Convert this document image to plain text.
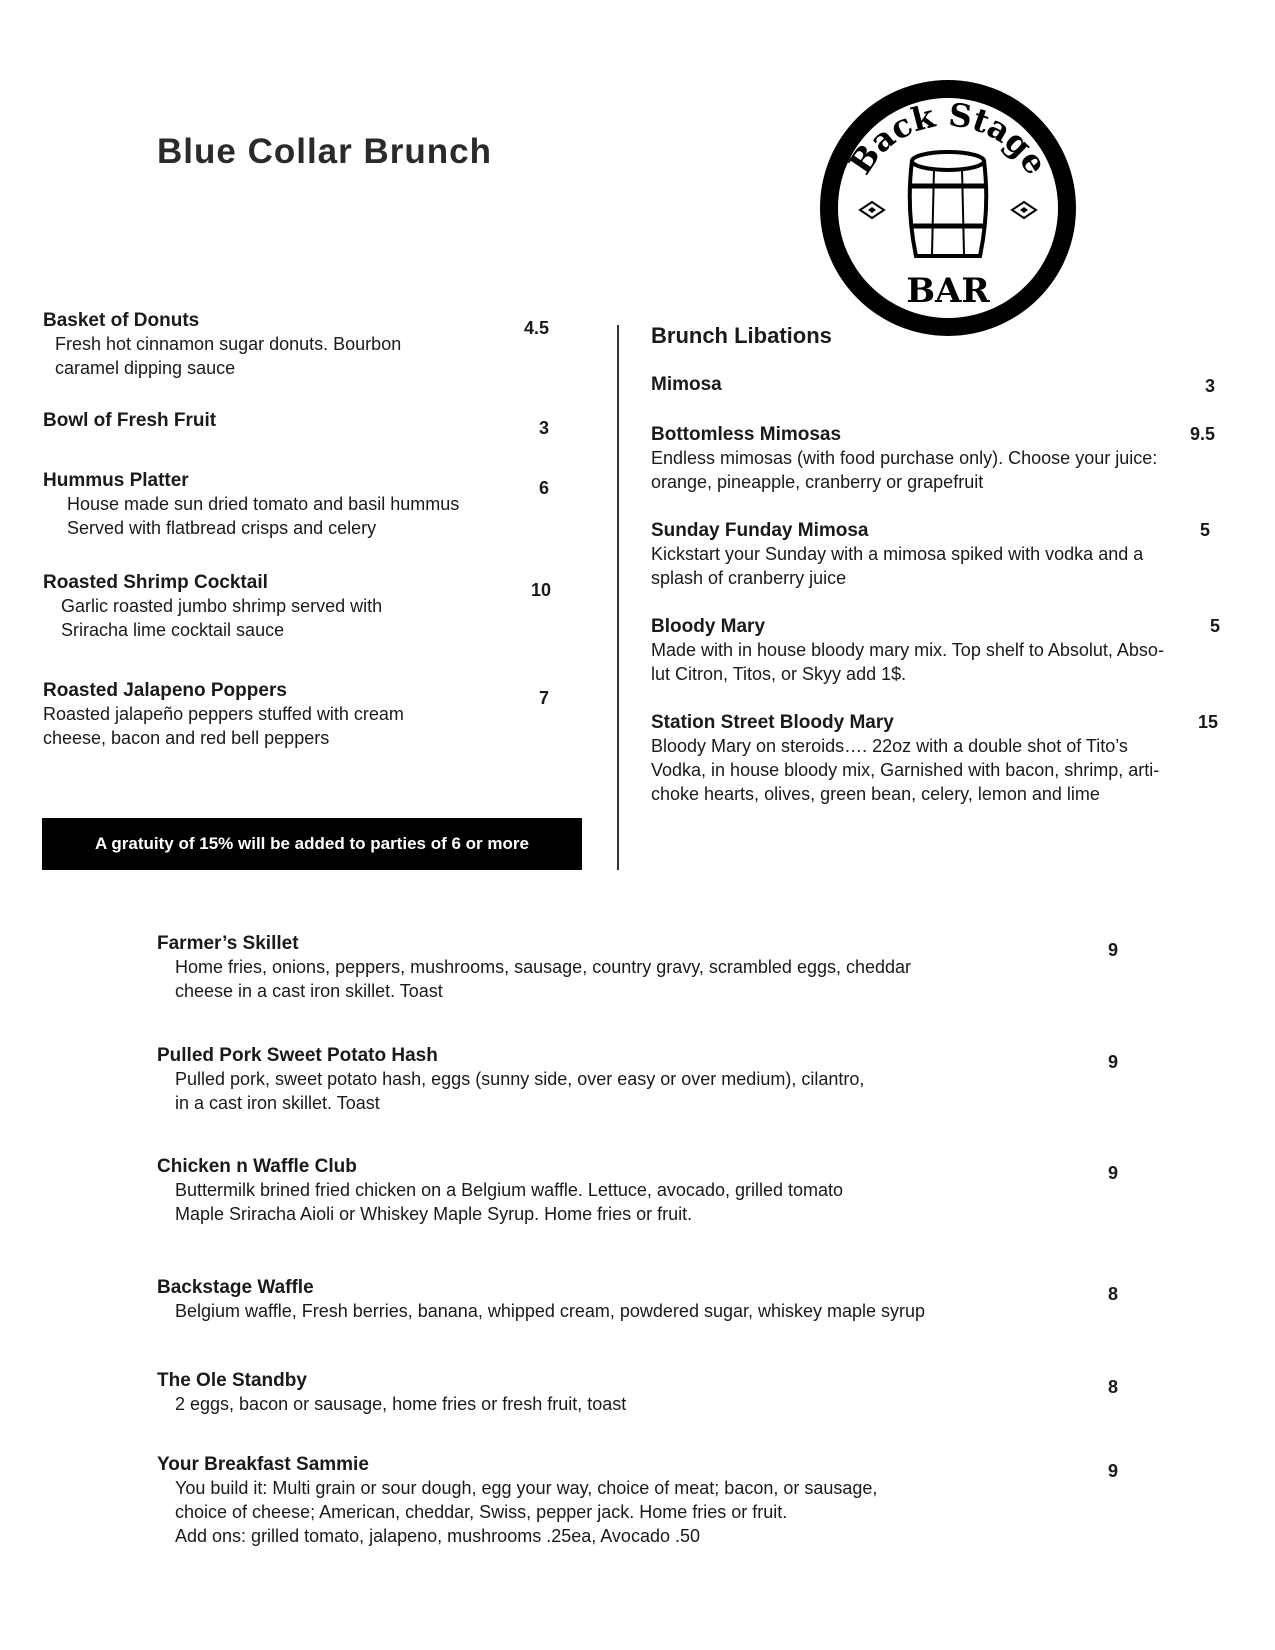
Blue Collar Brunch	Back Stage
BAR
Basket of Donuts
Fresh hot cinnamon sugar donuts. Bourbon
caramel dipping sauce
4.5
Bowl of Fresh Fruit	3
Hummus Platter
House made sun dried tomato and basil hummus
Served with flatbread crisps and celery
6
Roasted Shrimp Cocktail
Garlic roasted jumbo shrimp served with
Sriracha lime cocktail sauce
10
Roasted Jalapeno Poppers
Roasted jalapeño peppers stuffed with cream
cheese, bacon and red bell peppers
7
A gratuity of 15% will be added to parties of 6 or more
Brunch Libations
Mimosa	3
Bottomless Mimosas
Endless mimosas (with food purchase only). Choose your juice:
orange, pineapple, cranberry or grapefruit
9.5
Sunday Funday Mimosa
Kickstart your Sunday with a mimosa spiked with vodka and a
splash of cranberry juice
5
Bloody Mary
Made with in house bloody mary mix. Top shelf to Absolut, Abso-
lut Citron, Titos, or Skyy add 1$.
5
Station Street Bloody Mary
Bloody Mary on steroids…. 22oz with a double shot of Tito’s
Vodka, in house bloody mix, Garnished with bacon, shrimp, arti-
choke hearts, olives, green bean, celery, lemon and lime
15
Farmer’s Skillet
Home fries, onions, peppers, mushrooms, sausage, country gravy, scrambled eggs, cheddar
cheese in a cast iron skillet. Toast
9
Pulled Pork Sweet Potato Hash
Pulled pork, sweet potato hash, eggs (sunny side, over easy or over medium), cilantro,
in a cast iron skillet. Toast
9
Chicken n Waffle Club
Buttermilk brined fried chicken on a Belgium waffle. Lettuce, avocado, grilled tomato
Maple Sriracha Aioli or Whiskey Maple Syrup. Home fries or fruit.
9
Backstage Waffle
Belgium waffle, Fresh berries, banana, whipped cream, powdered sugar, whiskey maple syrup
8
The Ole Standby
2 eggs, bacon or sausage, home fries or fresh fruit, toast
8
Your Breakfast Sammie
You build it: Multi grain or sour dough, egg your way, choice of meat; bacon, or sausage,
choice of cheese; American, cheddar, Swiss, pepper jack. Home fries or fruit.
Add ons: grilled tomato, jalapeno, mushrooms .25ea, Avocado .50
9
